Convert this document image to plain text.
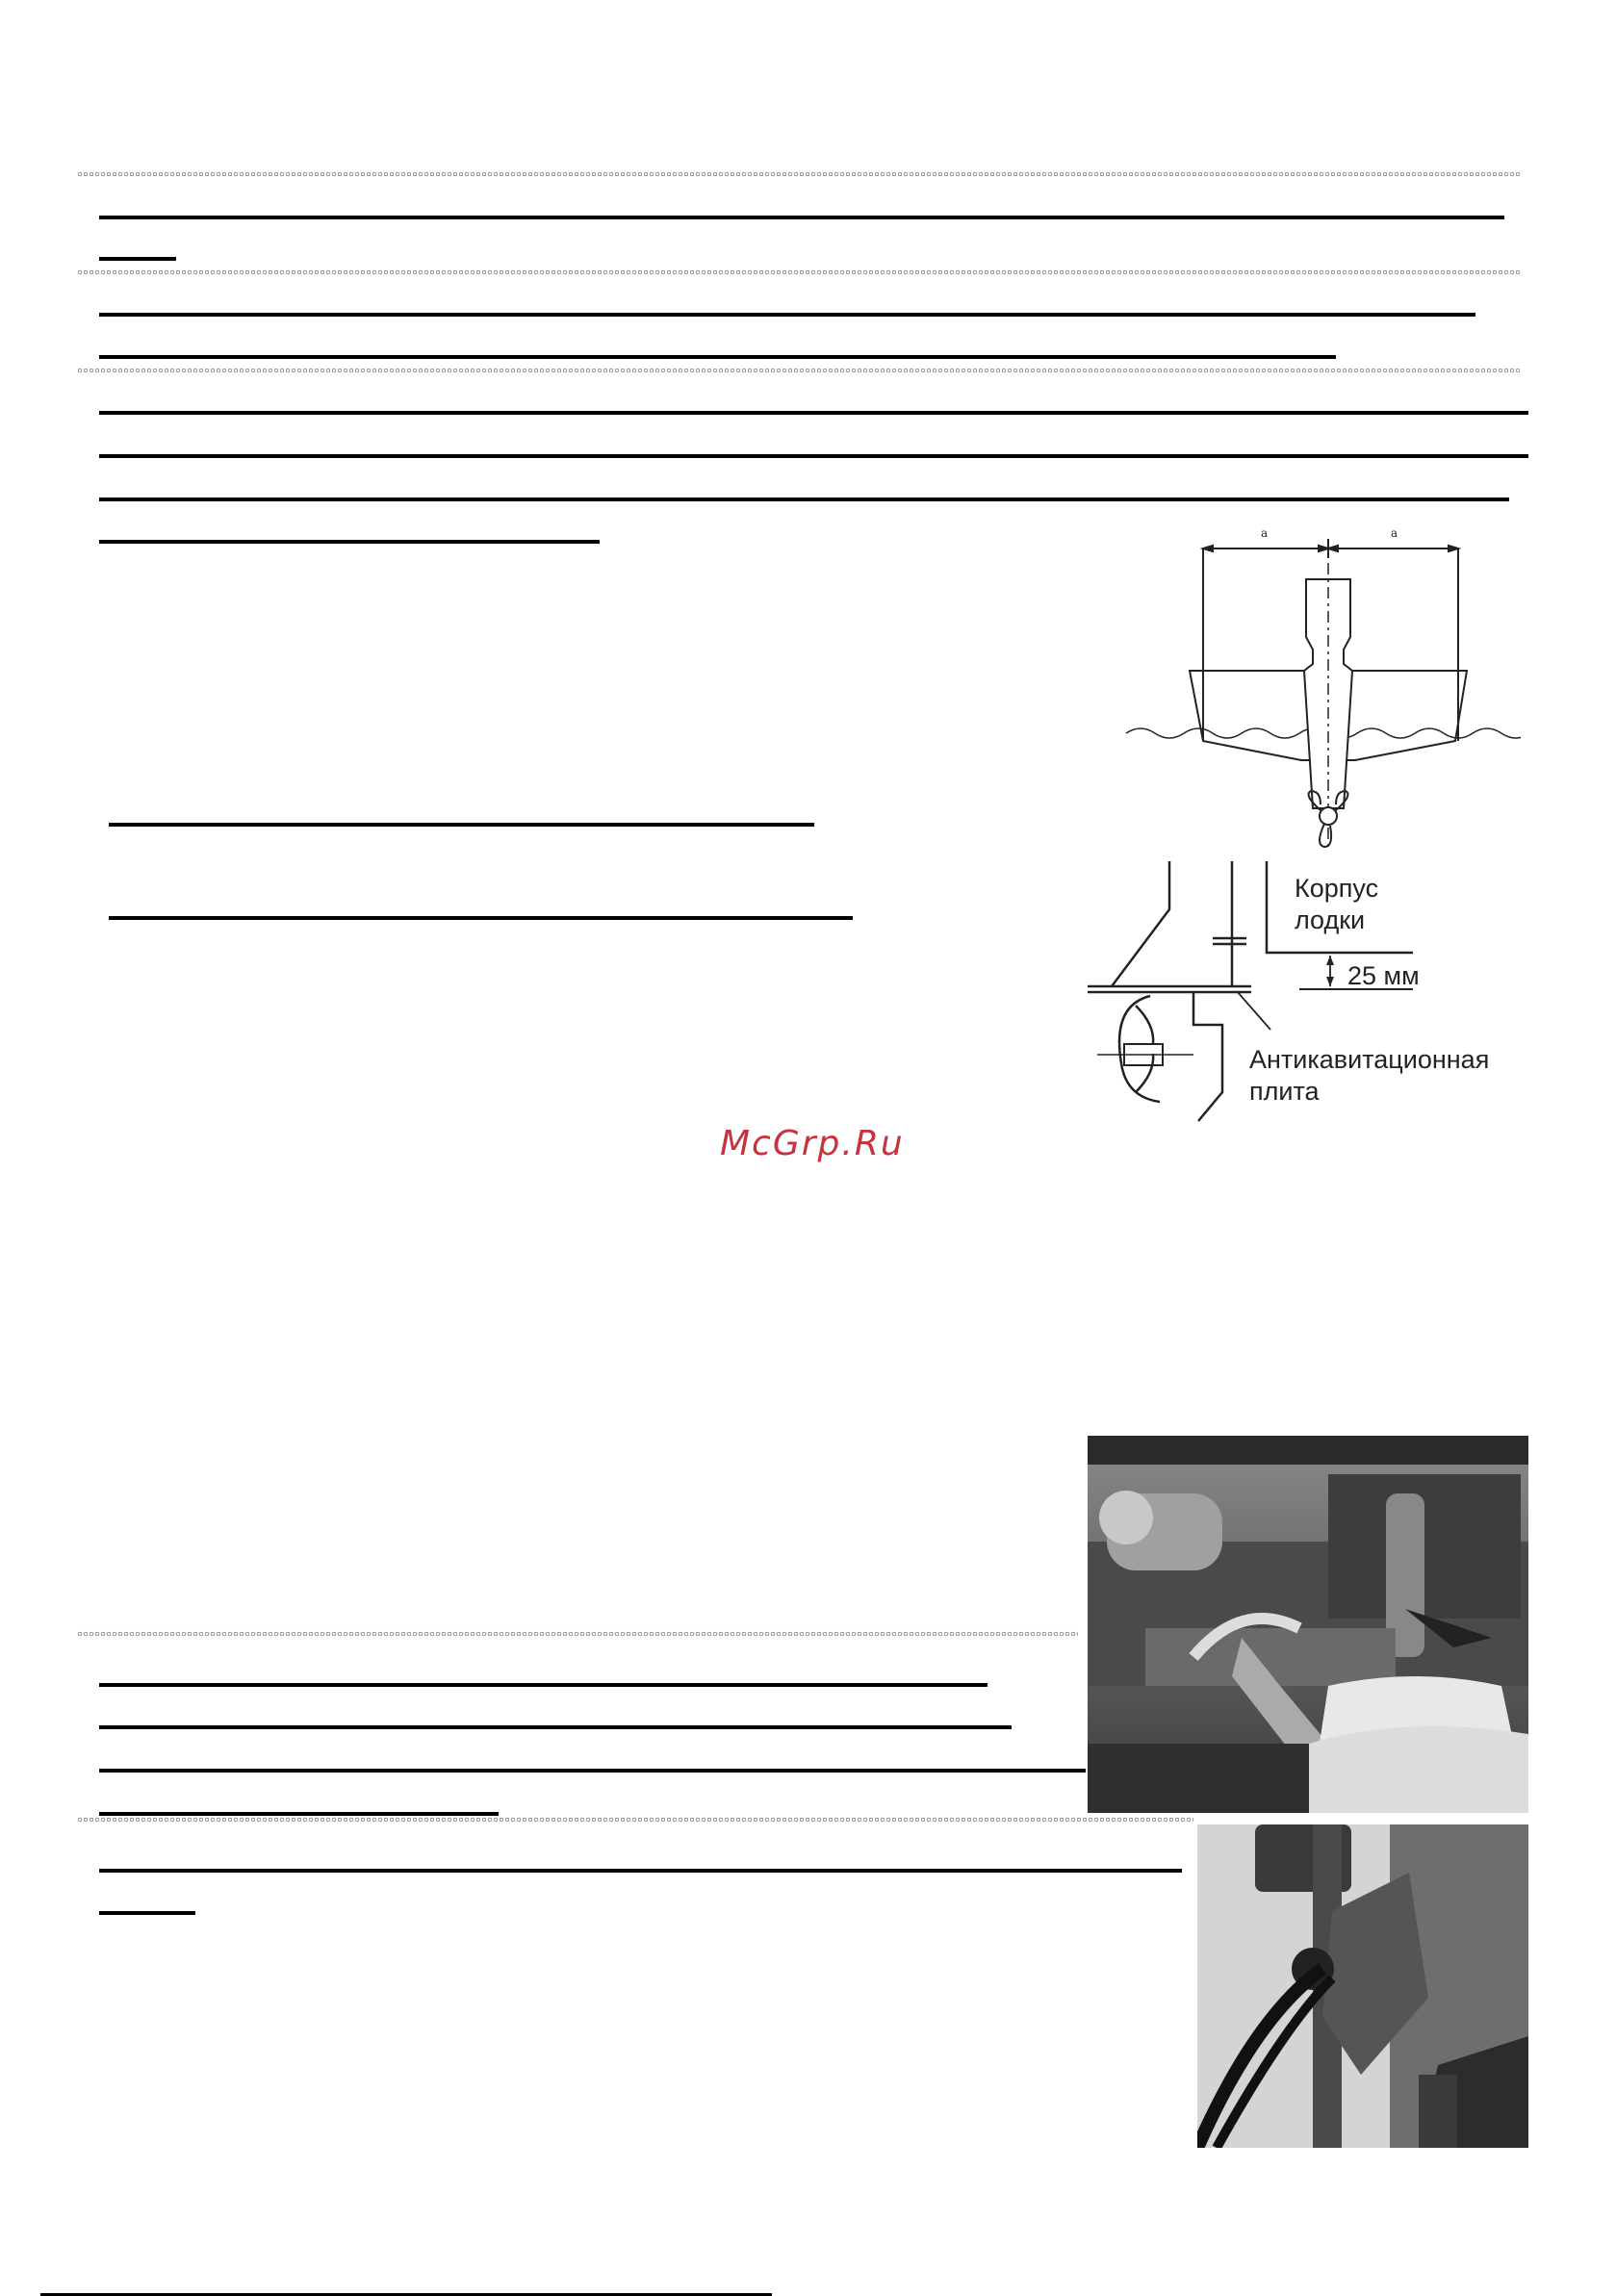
a	a
Корпус
лодки
25 мм
Антикавитационная
плита
McGrp.Ru
